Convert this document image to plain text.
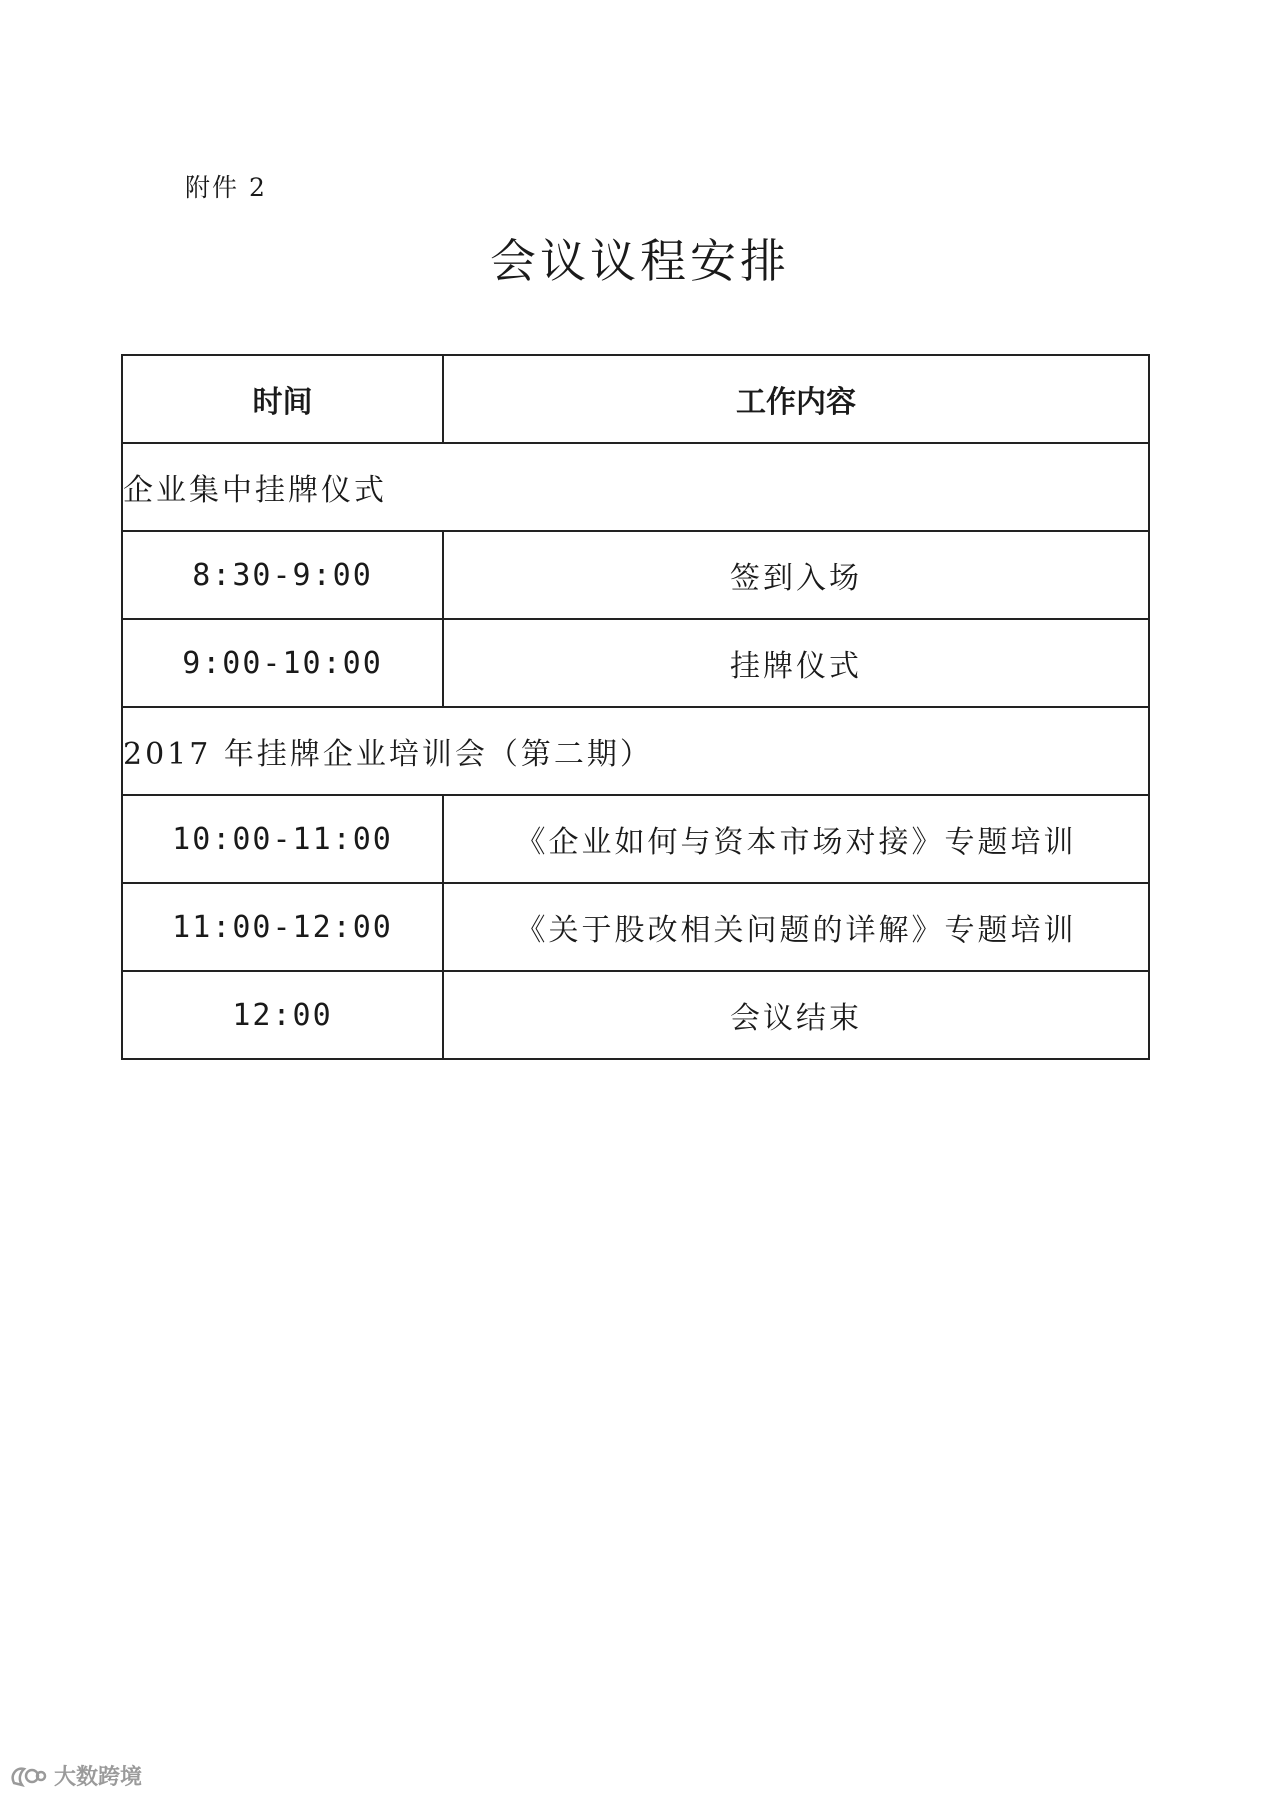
附件 2
会议议程安排
时间	工作内容
企业集中挂牌仪式	
8:30-9:00	签到入场
9:00-10:00	挂牌仪式
2017 年挂牌企业培训会（第二期）	
10:00-11:00	《企业如何与资本市场对接》专题培训
11:00-12:00	《关于股改相关问题的详解》专题培训
12:00	会议结束
大数跨境
